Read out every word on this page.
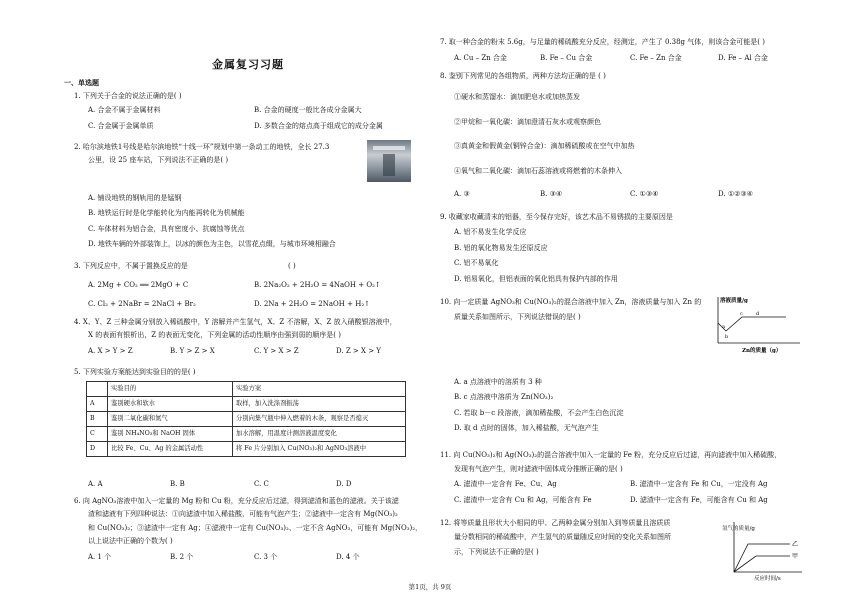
金属复习习题
一、单选题
1. 下列关于合金的说法正确的是( )
A. 合金不属于金属材料	B. 合金的硬度一般比各成分金属大
C. 合金属于金属单质	D. 多数合金的熔点高于组成它的成分金属
2. 哈尔滨地铁1号线是哈尔滨地铁“十线一环”规划中第一条动工的地铁，全长 27.3
公里，设 25 座车站，下列说法不正确的是( )
A. 铺设地铁的钢轨用的是锰钢
B. 地铁运行时是化学能转化为内能再转化为机械能
C. 车体材料为铝合金，具有密度小、抗腐蚀等优点
D. 地铁车辆的外部装饰上，以冰的颜色为主色，以雪花点缀，与城市环境相融合
3. 下列反应中，不属于置换反应的是	( )
A. 2Mg + CO₂ ══ 2MgO + C	B. 2Na₂O₂ + 2H₂O = 4NaOH + O₂↑
C. Cl₂ + 2NaBr = 2NaCl + Br₂	D. 2Na + 2H₂O = 2NaOH + H₂↑
4. X、Y、Z 三种金属分别放入稀硫酸中，Y 溶解并产生氢气，X、Z 不溶解，X、Z 放入硝酸银溶液中，
X 的表面有银析出，Z 的表面无变化，下列金属的活动性顺序由强到弱的顺序是( )
A. X > Y > Z	B. Y > Z > X	C. Y > X > Z	D. Z > X > Y
5. 下列实验方案能达到实验目的的是( )
	实验目的	实验方案
A	鉴别硬水和软水	取样，加入洗涤剂振荡
B	鉴别二氧化碳和氮气	分别向集气瓶中伸入燃着的木条，观察是否熄灭
C	鉴别 NH₄NO₃和 NaOH 固体	加水溶解，用温度计测溶液温度变化
D	比较 Fe、Cu、Ag 的金属活动性	将 Fe 片分别加入 Cu(NO₃)₂和 AgNO₃溶液中
A. A	B. B	C. C	D. D
6. 向 AgNO₃溶液中加入一定量的 Mg 粉和 Cu 粉，充分反应后过滤，得到滤渣和蓝色的滤液。关于该滤
渣和滤液有下列四种说法：①向滤渣中加入稀盐酸，可能有气泡产生；②滤液中一定含有 Mg(NO₃)₂
和 Cu(NO₃)₂；③滤渣中一定有 Ag；④滤液中一定有 Cu(NO₃)₂、一定不含 AgNO₃，可能有 Mg(NO₃)₂，
以上说法中正确的个数为( )
A. 1 个	B. 2 个	C. 3 个	D. 4 个
7. 取一种合金的粉末 5.6g，与足量的稀硫酸充分反应，经测定，产生了 0.38g 气体，则该合金可能是( )
A. Cu – Zn 合金	B. Fe – Cu 合金	C. Fe – Zn 合金	D. Fe – Al 合金
8. 鉴别下列常见的各组物质，两种方法均正确的是 ( )
①硬水和蒸馏水：滴加肥皂水或加热蒸发
②甲烷和一氧化碳：滴加澄清石灰水或观察颜色
③真黄金和假黄金(铜锌合金)：滴加稀硫酸或在空气中加热
④氧气和二氧化碳：滴加石蕊溶液或将燃着的木条伸入
A. ③	B. ③④	C. ①③④	D. ①②③④
9. 收藏家收藏清末的铝器，至今保存完好，该艺术品不易锈损的主要原因是
A. 铝不易发生化学反应
B. 铝的氧化物易发生还原反应
C. 铝不易氧化
D. 铝易氧化，但铝表面的氧化铝具有保护内部的作用
10. 向一定质量 AgNO₃和 Cu(NO₃)₂的混合溶液中加入 Zn，溶液质量与加入 Zn 的
质量关系如图所示，下列说法错误的是( )
溶液质量/g
a
b
c	d
Zn的质量（g）
A. a 点溶液中的溶质有 3 种
B. c 点溶液中溶质为 Zn(NO₃)₂
C. 若取 b－c 段溶液，滴加稀盐酸，不会产生白色沉淀
D. 取 d 点时的固体，加入稀盐酸，无气泡产生
11. 向 Cu(NO₃)₂和 Ag(NO₃)₂的混合溶液中加入一定量的 Fe 粉，充分反应后过滤，再向滤液中加入稀硫酸，
发现有气泡产生，则对滤液中固体成分推断正确的是( )
A. 滤渣中一定含有 Fe、Cu、Ag	B. 滤渣中一定含有 Fe 和 Cu，一定没有 Ag
C. 滤渣中一定含有 Cu 和 Ag，可能含有 Fe	D. 滤渣中一定含有 Fe，可能含有 Cu 和 Ag
12. 将等质量且形状大小相同的甲、乙两种金属分别加入到等质量且溶质质
量分数相同的稀硫酸中，产生氢气的质量随反应时间的变化关系如图所
示，下列说法不正确的是( )
乙
甲
氢气的质量/g
反应时间/s
第1页，共 9页
